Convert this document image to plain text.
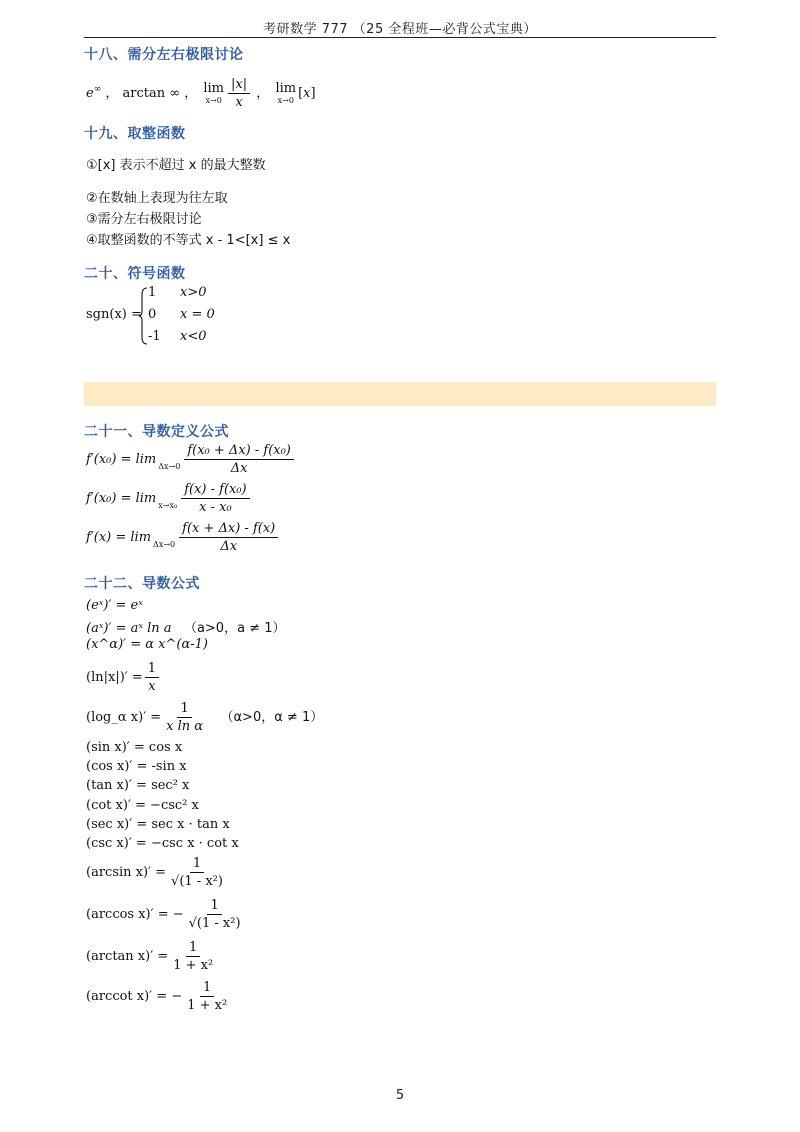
考研数学 777 （25 全程班—必背公式宝典）
十八、需分左右极限讨论
e∞ ， arctan ∞ ， lim
$x\to 0 \frac{|x|}{x}$ ， lim
x→0 [x]
十九、取整函数
①[x] 表示不超过 x 的最大整数
②在数轴上表现为往左取
③需分左右极限讨论
④取整函数的不等式 x - 1<[x] ≤ x
二十、符号函数
sgn(x) =
1 x>0
0 x = 0
-1 x<0
二十一、导数定义公式
f′(x₀) = lim
$\Delta x\to 0 \frac{\text{f(x₀ + Δx) - f(x₀)}}{\Delta x}$
f′(x₀) = lim
$x\to x_0 \frac{\text{f(x) - f(x₀)}}{\text{x - x₀}}$
f′(x) = lim
$\Delta x\to 0 \frac{f(x + \Delta x) - f(x)}{\Delta x}$
二十二、导数公式
(eˣ)′ = eˣ
(aˣ)′ = aˣ ln a （a>0，a ≠ 1）
(x^α)′ = α x^(α-1)
$(\ln|x|)' = \frac{1}{x}$
(log_α $x)' = \frac{1}{\text{x ln α}} (\alpha>0$，α ≠ 1）
(sin x)′ = cos x
(cos x)′ = -sin x
(tan x)′ = sec² x
(cot x)′ = −csc² x
(sec x)′ = sec x · tan x
(csc x)′ = −csc x · cot x
(arcsin $x)' = \frac{1}{\text{√(1 - x²)}}$
(arccos x)′ = − $\frac{1}{\text{√(1 - x²)}}$
(arctan $x)' = \frac{1}{\text{1 + x²}}$
(arccot x)′ = − $\frac{1}{\text{1 + x²}}$
5
